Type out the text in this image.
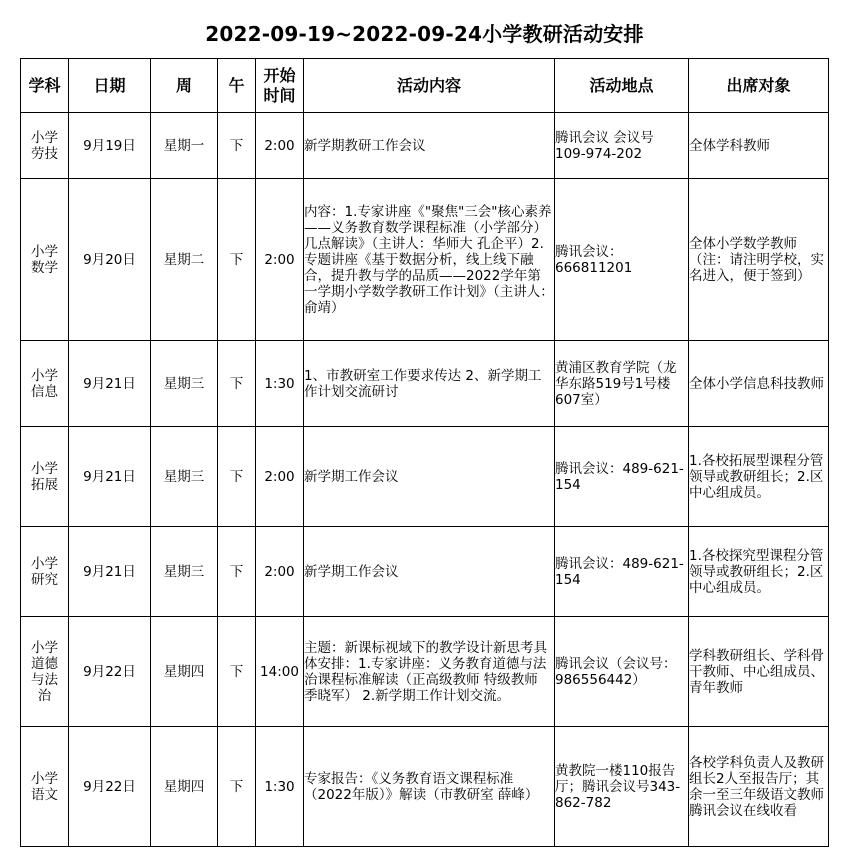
2022-09-19~2022-09-24小学教研活动安排
学科	日期	周	午	开始时间	活动内容	活动地点	出席对象

小学劳技	9月19日	星期一	下	2:00	新学期教研工作会议	腾讯会议 会议号 109-974-202	全体学科教师

小学数学	9月20日	星期二	下	2:00	内容：1.专家讲座《"聚焦"三会"核心素养——义务教育数学课程标准（小学部分）几点解读》（主讲人：华师大 孔企平）2.专题讲座《基于数据分析，线上线下融合，提升教与学的品质——2022学年第一学期小学数学教研工作计划》（主讲人：俞靖）	腾讯会议：666811201	全体小学数学教师（注：请注明学校，实名进入，便于签到）

小学信息	9月21日	星期三	下	1:30	1、市教研室工作要求传达 2、新学期工作计划交流研讨	黄浦区教育学院（龙华东路519号1号楼607室）	全体小学信息科技教师

小学拓展	9月21日	星期三	下	2:00	新学期工作会议	腾讯会议：489-621-154	1.各校拓展型课程分管领导或教研组长；2.区中心组成员。

小学研究	9月21日	星期三	下	2:00	新学期工作会议	腾讯会议：489-621-154	1.各校探究型课程分管领导或教研组长；2.区中心组成员。

小学道德与法治	9月22日	星期四	下	14:00	主题：新课标视域下的教学设计新思考具体安排：1.专家讲座：义务教育道德与法治课程标准解读（正高级教师 特级教师 季晓军） 2.新学期工作计划交流。	腾讯会议（会议号：986556442）	学科教研组长、学科骨干教师、中心组成员、青年教师

小学语文	9月22日	星期四	下	1:30	专家报告：《义务教育语文课程标准（2022年版）》解读（市教研室 薛峰）	黄教院一楼110报告厅；腾讯会议号343-862-782	各校学科负责人及教研组长2人至报告厅；其余一至三年级语文教师腾讯会议在线收看
